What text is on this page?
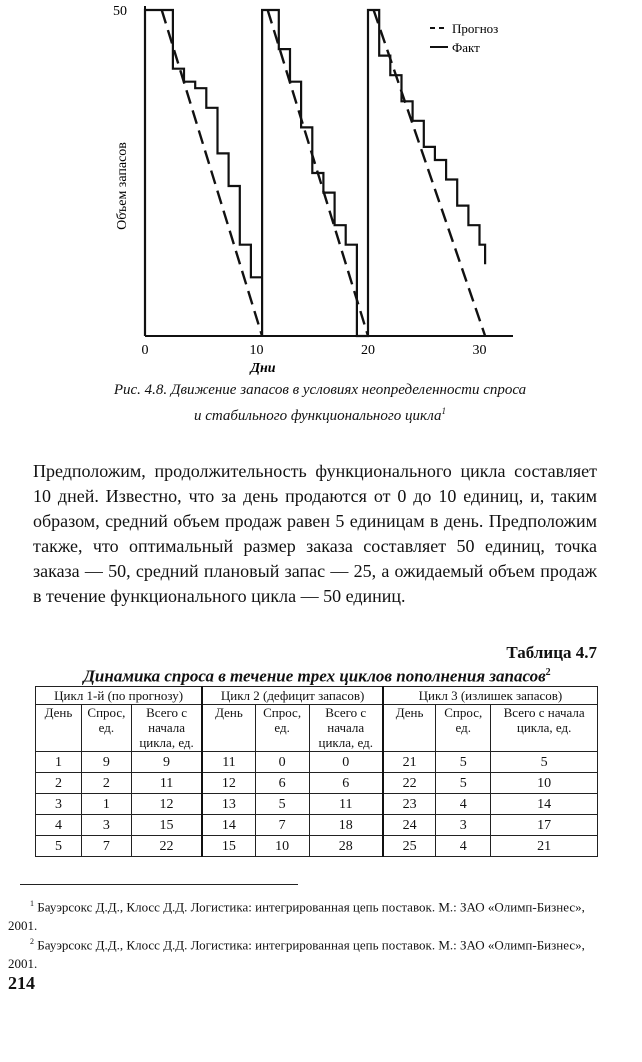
0	10	20	30
50
Дни
Объем запасов
Прогноз
Факт
Рис. 4.8. Движение запасов в условиях неопределенности спроса
и стабильного функционального цикла$^1$

Предположим, продолжительность функционального цикла составляет 10 дней. Известно, что за день продаются от 0 до 10 единиц, и, таким образом, средний объем продаж равен 5 единицам в день. Предположим также, что оптимальный размер заказа составляет 50 единиц, точка заказа — 50, средний плановый запас — 25, а ожидаемый объем продаж в течение функционального цикла — 50 единиц.

Таблица 4.7
Динамика спроса в течение трех циклов пополнения запасов$^2$
Цикл 1-й (по прогнозу)			Цикл 2 (дефицит запасов)			Цикл 3 (излишек запасов)		
День	Спрос, ед.	Всего с начала цикла, ед.	День	Спрос, ед.	Всего с начала цикла, ед.	День	Спрос, ед.	Всего с начала цикла, ед.
1	9	9	11	0	0	21	5	5
2	2	11	12	6	6	22	5	10
3	1	12	13	5	11	23	4	14
4	3	15	14	7	18	24	3	17
5	7	22	15	10	28	25	4	21

$^1$ Бауэрсокс Д.Д., Клосс Д.Д. Логистика: интегрированная цепь поставок. М.: ЗАО «Олимп-Бизнес», 2001.

$^2$ Бауэрсокс Д.Д., Клосс Д.Д. Логистика: интегрированная цепь поставок. М.: ЗАО «Олимп-Бизнес», 2001.

214
